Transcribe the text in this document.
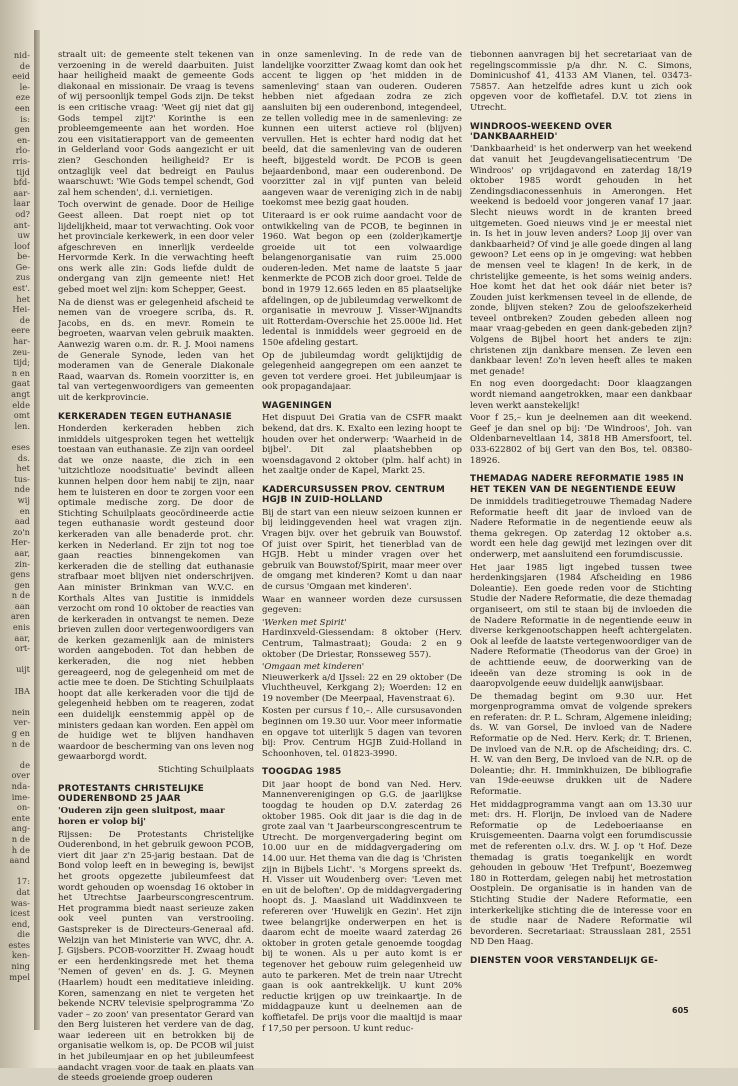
nid-
de
eeid
le-
eze
een
is:
gen
en-
rlo-
rris-
tijd
bfd-
aar-
laar
od?
ant-
uw
loof
be-
Ge-
zus
est'.
het
Hei-
de
eere
har-
zeu-
tijd;
n en
gaat
angt
elde
omt
len.

eses
ds.
het
tus-
nde
wij
en
aad
zo'n
Her-
aar,
zin-
gens
gen
n de
aan
aren
enis
aar,
ort-

uijt

IBA

nein
ver-
g en
n de

de
over
nda-
ime-
on-
ente
ang-
n de
h de
aand

17:
dat
was-
icest
end,
die
estes
ken-
ning
mpel

straalt uit: de gemeente stelt tekenen van verzoening in de wereld daarbuiten. Juist haar heiligheid maakt de gemeente Gods diakonaal en missionair. De vraag is tevens of wij persoonlijk tempel Gods zijn. De tekst is een critische vraag: 'Weet gij niet dat gij Gods tempel zijt?' Korinthe is een probleemgemeente aan het worden. Hoe zou een visitatierapport van de gemeenten in Gelderland voor Gods aangezicht er uit zien? Geschonden heiligheid? Er is ontzaglijk veel dat bedreigt en Paulus waarschuwt: 'Wie Gods tempel schendt, God zal hem schenden', d.i. vernietigen.

Toch overwint de genade. Door de Heilige Geest alleen. Dat roept niet op tot lijdelijkheid, maar tot verwachting. Ook voor het provinciale kerkewerk, in een door veler afgeschreven en innerlijk verdeelde Hervormde Kerk. In die verwachting heeft ons werk alle zin: Gods liefde duldt de ondergang van zijn gemeente niet! Het gebed moet wel zijn: kom Schepper, Geest.

Na de dienst was er gelegenheid afscheid te nemen van de vroegere scriba, ds. R. Jacobs, en ds. en mevr. Romein te begroeten, waarvan velen gebruik maakten. Aanwezig waren o.m. dr. R. J. Mooi namens de Generale Synode, leden van het moderamen van de Generale Diakonale Raad, waarvan ds. Romein voorzitter is, en tal van vertegenwoordigers van gemeenten uit de kerkprovincie.

KERKERADEN TEGEN EUTHANASIE

Honderden kerkeraden hebben zich inmiddels uitgesproken tegen het wettelijk toestaan van euthanasie. Ze zijn van oordeel dat we onze naaste, die zich in een 'uitzichtloze noodsituatie' bevindt alleen kunnen helpen door hem nabij te zijn, naar hem te luisteren en door te zorgen voor een optimale medische zorg. De door de Stichting Schuilplaats geocördineerde actie tegen euthanasie wordt gesteund door kerkeraden van alle benaderde prot. chr. kerken in Nederland. Er zijn tot nog toe gaan reacties binnengekomen van kerkeraden die de stelling dat euthanasie strafbaar moet blijven niet onderschrijven. Aan minister Brinkman van W.V.C. en Korthals Altes van Justitie is inmiddels verzocht om rond 10 oktober de reacties van de kerkeraden in ontvangst te nemen. Deze brieven zullen door vertegenwoordigers van de kerken gezamenlijk aan de ministers worden aangeboden. Tot dan hebben de kerkeraden, die nog niet hebben gereageerd, nog de gelegenheid om met de actie mee te doen. De Stichting Schuilplaats hoopt dat alle kerkeraden voor die tijd de gelegenheid hebben om te reageren, zodat een duidelijk eenstemmig appèl op de ministers gedaan kan worden. Een appèl om de huidige wet te blijven handhaven waardoor de bescherming van ons leven nog gewaarborgd wordt.

Stichting Schuilplaats

PROTESTANTS CHRISTELIJKE OUDERENBOND 25 JAAR

'Ouderen zijn geen sluitpost, maar horen er volop bij'

Rijssen: De Protestants Christelijke Ouderenbond, in het gebruik gewoon PCOB, viert dit jaar z'n 25-jarig bestaan. Dat de Bond volop leeft en in beweging is, bewijst het groots opgezette jubileumfeest dat wordt gehouden op woensdag 16 oktober in het Utrechtse Jaarbeurscongrescentrum. Het programma biedt naast serieuze zaken ook veel punten van verstrooiing. Gastspreker is de Directeurs-Generaal afd. Welzijn van het Ministerie van WVC, dhr. A. J. Gijsbers. PCOB-voorzitter H. Zwaag houdt er een herdenkingsrede met het thema 'Nemen of geven' en ds. J. G. Meynen (Haarlem) houdt een meditatieve inleiding. Koren, samenzang en niet te vergeten het bekende NCRV televisie spelprogramma 'Zo vader – zo zoon' van presentator Gerard van den Berg luisteren het verdere van de dag, waar iedereen uit en betrokken bij de organisatie welkom is, op. De PCOB wil juist in het jubileumjaar en op het jubileumfeest aandacht vragen voor de taak en plaats van de steeds groeiende groep ouderen

in onze samenleving. In de rede van de landelijke voorzitter Zwaag komt dan ook het accent te liggen op 'het midden in de samenleving' staan van ouderen. Ouderen hebben niet afgedaan zodra ze zich aansluiten bij een ouderenbond, integendeel, ze tellen volledig mee in de samenleving: ze kunnen een uiterst actieve rol (blijven) vervullen. Het is echter hard nodig dat het beeld, dat die samenleving van de ouderen heeft, bijgesteld wordt. De PCOB is geen bejaardenbond, maar een ouderenbond. De voorzitter zal in vijf punten van beleid aangeven waar de vereniging zich in de nabij toekomst mee bezig gaat houden.

Uiteraard is er ook ruime aandacht voor de ontwikkeling van de PCOB, te beginnen in 1960. Wat begon op een (zolder)kamertje groeide uit tot een volwaardige belangenorganisatie van ruim 25.000 ouderen-leden. Met name de laatste 5 jaar kenmerkte de PCOB zich door groei. Telde de bond in 1979 12.665 leden en 85 plaatselijke afdelingen, op de jubileumdag verwelkomt de organisatie in mevrouw J. Visser-Wijnandts uit Rotterdam-Overschie het 25.000e lid. Het ledental is inmiddels weer gegroeid en de 150e afdeling gestart.

Op de jubileumdag wordt gelijktijdig de gelegenheid aangegrepen om een aanzet te geven tot verdere groei. Het jubileumjaar is ook propagandajaar.

WAGENINGEN

Het dispuut Dei Gratia van de CSFR maakt bekend, dat drs. K. Exalto een lezing hoopt te houden over het onderwerp: 'Waarheid in de bijbel'. Dit zal plaatshebben op woensdagavond 2 oktober (plm. half acht) in het zaaltje onder de Kapel, Markt 25.

KADERCURSUSSEN PROV. CENTRUM HGJB IN ZUID-HOLLAND

Bij de start van een nieuw seizoen kunnen er bij leidinggevenden heel wat vragen zijn. Vragen bijv. over het gebruik van Bouwstof. Of juist over Spirit, het tienerblad van de HGJB. Hebt u minder vragen over het gebruik van Bouwstof/Spirit, maar meer over de omgang met kinderen? Komt u dan naar de cursus 'Omgaan met kinderen'.

Waar en wanneer worden deze cursussen gegeven:

'Werken met Spirit'

Hardinxveld-Giessendam: 8 oktober (Herv. Centrum, Talmastraat); Gouda: 2 en 9 oktober (De Driestar, Ronsseweg 557).

'Omgaan met kinderen'

Nieuwerkerk a/d IJssel: 22 en 29 oktober (De Vluchtheuvel, Kerkgang 2); Woerden: 12 en 19 november (De Meerpaal, Havenstraat 6).

Kosten per cursus f 10,–. Alle cursusavonden beginnen om 19.30 uur. Voor meer informatie en opgave tot uiterlijk 5 dagen van tevoren bij: Prov. Centrum HGJB Zuid-Holland in Schoonhoven, tel. 01823-3990.

TOOGDAG 1985

Dit jaar hoopt de bond van Ned. Herv. Mannenverenigingen op G.G. de jaarlijkse toogdag te houden op D.V. zaterdag 26 oktober 1985. Ook dit jaar is die dag in de grote zaal van 't Jaarbeurscongrescentrum te Utrecht. De morgenvergadering begint om 10.00 uur en de middagvergadering om 14.00 uur. Het thema van die dag is 'Christen zijn in Bijbels Licht'. 's Morgens spreekt ds. H. Visser uit Woudenberg over: 'Leven met en uit de beloften'. Op de middagvergadering hoopt ds. J. Maasland uit Waddinxveen te refereren over 'Huwelijk en Gezin'. Het zijn twee belangrijke onderwerpen en het is daarom echt de moeite waard zaterdag 26 oktober in groten getale genoemde toogdag bij te wonen. Als u per auto komt is er tegenover het gebouw ruim gelegenheid uw auto te parkeren. Met de trein naar Utrecht gaan is ook aantrekkelijk. U kunt 20% reductie krijgen op uw treinkaartje. In de middagpauze kunt u deelnemen aan de koffietafel. De prijs voor die maaltijd is maar f 17,50 per persoon. U kunt reduc-

tiebonnen aanvragen bij het secretariaat van de regelingscommissie p/a dhr. N. C. Simons, Dominicushof 41, 4133 AM Vianen, tel. 03473-75857. Aan hetzelfde adres kunt u zich ook opgeven voor de koffietafel. D.V. tot ziens in Utrecht.

WINDROOS-WEEKEND OVER 'DANKBAARHEID'

'Dankbaarheid' is het onderwerp van het weekend dat vanuit het Jeugdevangelisatiecentrum 'De Windroos' op vrijdagavond en zaterdag 18/19 oktober 1985 wordt gehouden in het Zendingsdiaconessenhuis in Amerongen. Het weekend is bedoeld voor jongeren vanaf 17 jaar. Slecht nieuws wordt in de kranten breed uitgemeten. Goed nieuws vind je er meestal niet in. Is het in jouw leven anders? Loop jij over van dankbaarheid? Of vind je alle goede dingen al lang gewoon? Let eens op in je omgeving: wat hebben de mensen veel te klagen! In de kerk, in de christelijke gemeente, is het soms weinig anders. Hoe komt het dat het ook dáár niet beter is? Zouden juist kerkmensen teveel in de ellende, de zonde, blijven steken? Zou de geloofszekerheid teveel ontbreken? Zouden gebeden alleen nog maar vraag-gebeden en geen dank-gebeden zijn? Volgens de Bijbel hoort het anders te zijn: christenen zijn dankbare mensen. Ze leven een dankbaar leven! Zo'n leven heeft alles te maken met genade!

En nog even doorgedacht: Door klaagzangen wordt niemand aangetrokken, maar een dankbaar leven werkt aanstekelijk!

Voor f 25,– kun je deelnemen aan dit weekend. Geef je dan snel op bij: 'De Windroos', Joh. van Oldenbarneveltlaan 14, 3818 HB Amersfoort, tel. 033-622802 of bij Gert van den Bos, tel. 08380-18926.

THEMADAG NADERE REFORMATIE 1985 IN HET TEKEN VAN DE NEGENTIENDE EEUW

De inmiddels traditiegetrouwe Themadag Nadere Reformatie heeft dit jaar de invloed van de Nadere Reformatie in de negentiende eeuw als thema gekregen. Op zaterdag 12 oktober a.s. wordt een hele dag gewijd met lezingen over dit onderwerp, met aansluitend een forumdiscussie.

Het jaar 1985 ligt ingebed tussen twee herdenkingsjaren (1984 Afscheiding en 1986 Doleantie). Een goede reden voor de Stichting Studie der Nadere Reformatie, die deze themadag organiseert, om stil te staan bij de invloeden die de Nadere Reformatie in de negentiende eeuw in diverse kerkgenootschappen heeft achtergelaten. Ook al leefde de laatste vertegenwoordiger van de Nadere Reformatie (Theodorus van der Groe) in de achttiende eeuw, de doorwerking van de ideeën van deze stroming is ook in de daaropvolgende eeuw duidelijk aanwijsbaar.

De themadag begint om 9.30 uur. Het morgenprogramma omvat de volgende sprekers en referaten: dr. P. L. Schram, Algemene inleiding; ds. W. van Gorsel, De invloed van de Nadere Reformatie op de Ned. Herv. Kerk; dr. T. Brienen, De invloed van de N.R. op de Afscheiding; drs. C. H. W. van den Berg, De invloed van de N.R. op de Doleantie; dhr. H. Imminkhuizen, De bibliografie van 19de-eeuwse drukken uit de Nadere Reformatie.

Het middagprogramma vangt aan om 13.30 uur met: drs. H. Florijn, De invloed van de Nadere Reformatie op de Ledeboeriaanse en Kruisgemeenten. Daarna volgt een forumdiscussie met de referenten o.l.v. drs. W. J. op 't Hof. Deze themadag is gratis toegankelijk en wordt gehouden in gebouw 'Het Trefpunt', Boezemweg 180 in Rotterdam, gelegen nabij het metrostation Oostplein. De organisatie is in handen van de Stichting Studie der Nadere Reformatie, een interkerkelijke stichting die de interesse voor en de studie naar de Nadere Reformatie wil bevorderen. Secretariaat: Strausslaan 281, 2551 ND Den Haag.

DIENSTEN VOOR VERSTANDELIJK GE-
605
